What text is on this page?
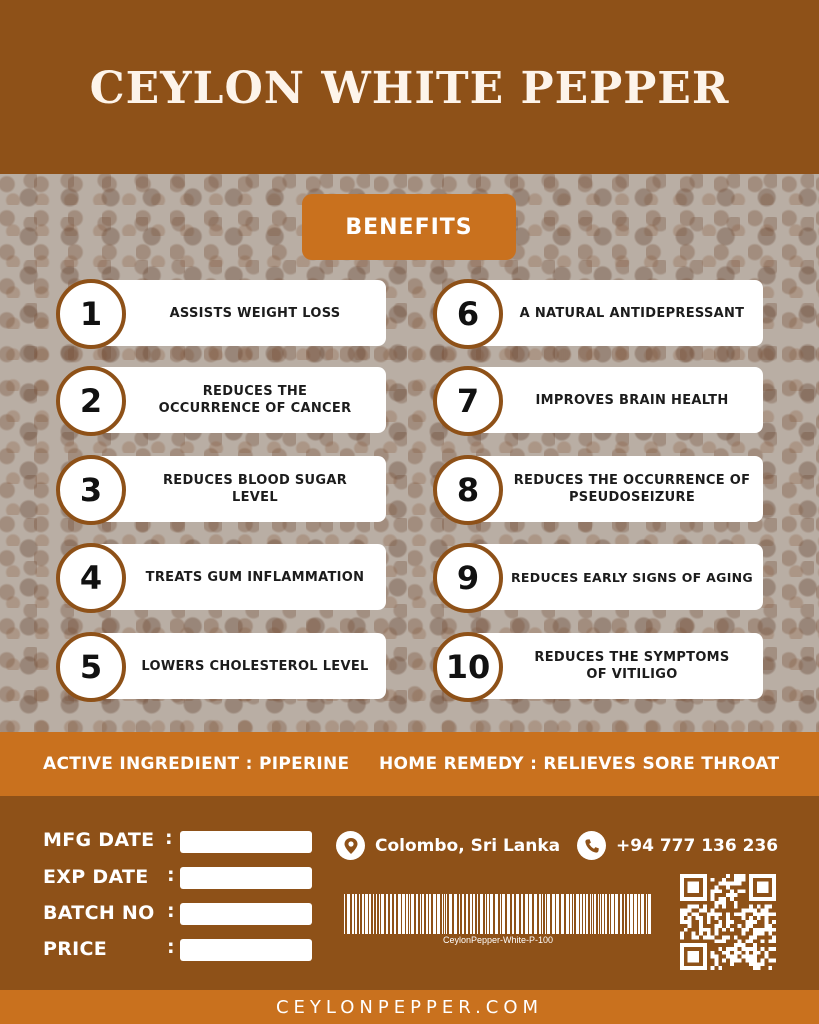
CEYLON WHITE PEPPER
BENEFITS
ASSISTS WEIGHT LOSS
1
REDUCES THE
OCCURRENCE OF CANCER
2
REDUCES BLOOD SUGAR
LEVEL
3
TREATS GUM INFLAMMATION
4
LOWERS CHOLESTEROL LEVEL
5
A NATURAL ANTIDEPRESSANT
6
IMPROVES BRAIN HEALTH
7
REDUCES THE OCCURRENCE OF
PSEUDOSEIZURE
8
REDUCES EARLY SIGNS OF AGING
9
REDUCES THE SYMPTOMS
OF VITILIGO
10
ACTIVE INGREDIENT : PIPERINE HOME REMEDY : RELIEVES SORE THROAT
MFG DATE :
EXP DATE :
BATCH NO :
PRICE	:
Colombo, Sri Lanka	+94 777 136 236
CeylonPepper-White-P-100
CEYLONPEPPER.COM
